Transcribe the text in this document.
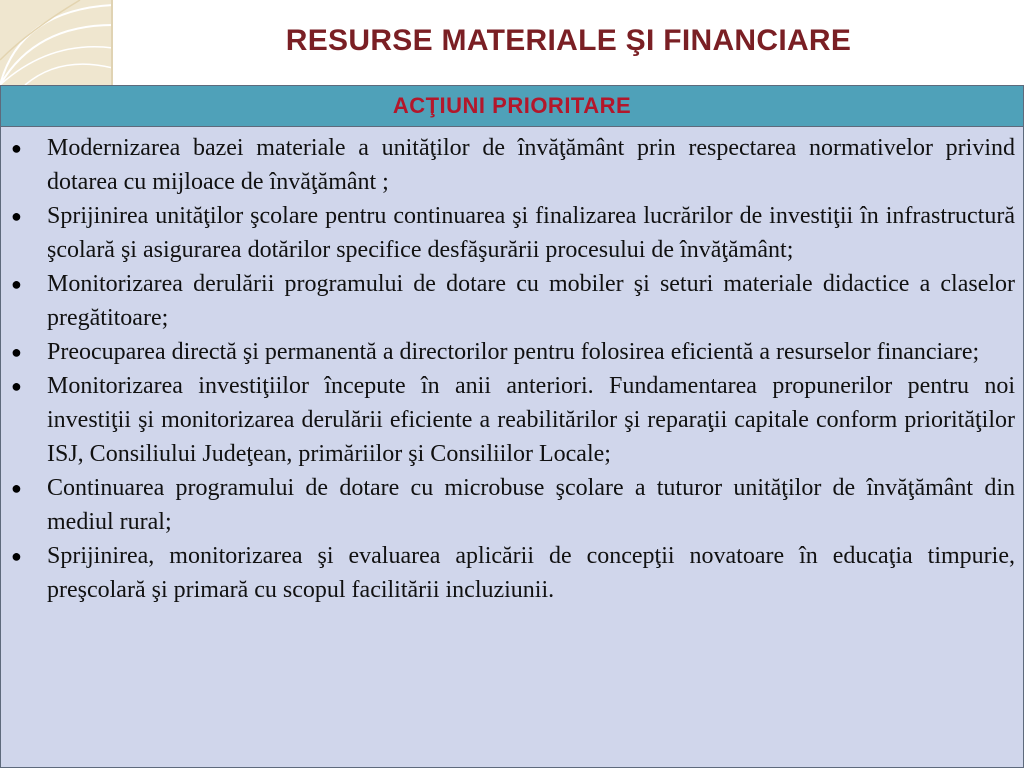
RESURSE MATERIALE ŞI FINANCIARE
ACŢIUNI PRIORITARE
●	Modernizarea bazei materiale a unităţilor de învăţământ prin respectarea normativelor privind dotarea cu mijloace de învăţământ ;
●	Sprijinirea unităţilor şcolare pentru continuarea şi finalizarea lucrărilor de investiţii în infrastructură şcolară şi asigurarea dotărilor specifice desfăşurării procesului de învăţământ;
●	Monitorizarea derulării programului de dotare cu mobiler şi seturi materiale didactice a claselor pregătitoare;
●	Preocuparea directă şi permanentă a directorilor pentru folosirea eficientă a resurselor financiare;
●	Monitorizarea investiţiilor începute în anii anteriori. Fundamentarea propunerilor pentru noi investiţii şi monitorizarea derulării eficiente a reabilitărilor şi reparaţii capitale conform priorităţilor ISJ, Consiliului Judeţean, primăriilor şi Consiliilor Locale;
●	Continuarea programului de dotare cu microbuse şcolare a tuturor unităţilor de învăţământ din mediul rural;
●	Sprijinirea, monitorizarea şi evaluarea aplicării de concepţii novatoare în educaţia timpurie, preşcolară şi primară cu scopul facilitării incluziunii.
